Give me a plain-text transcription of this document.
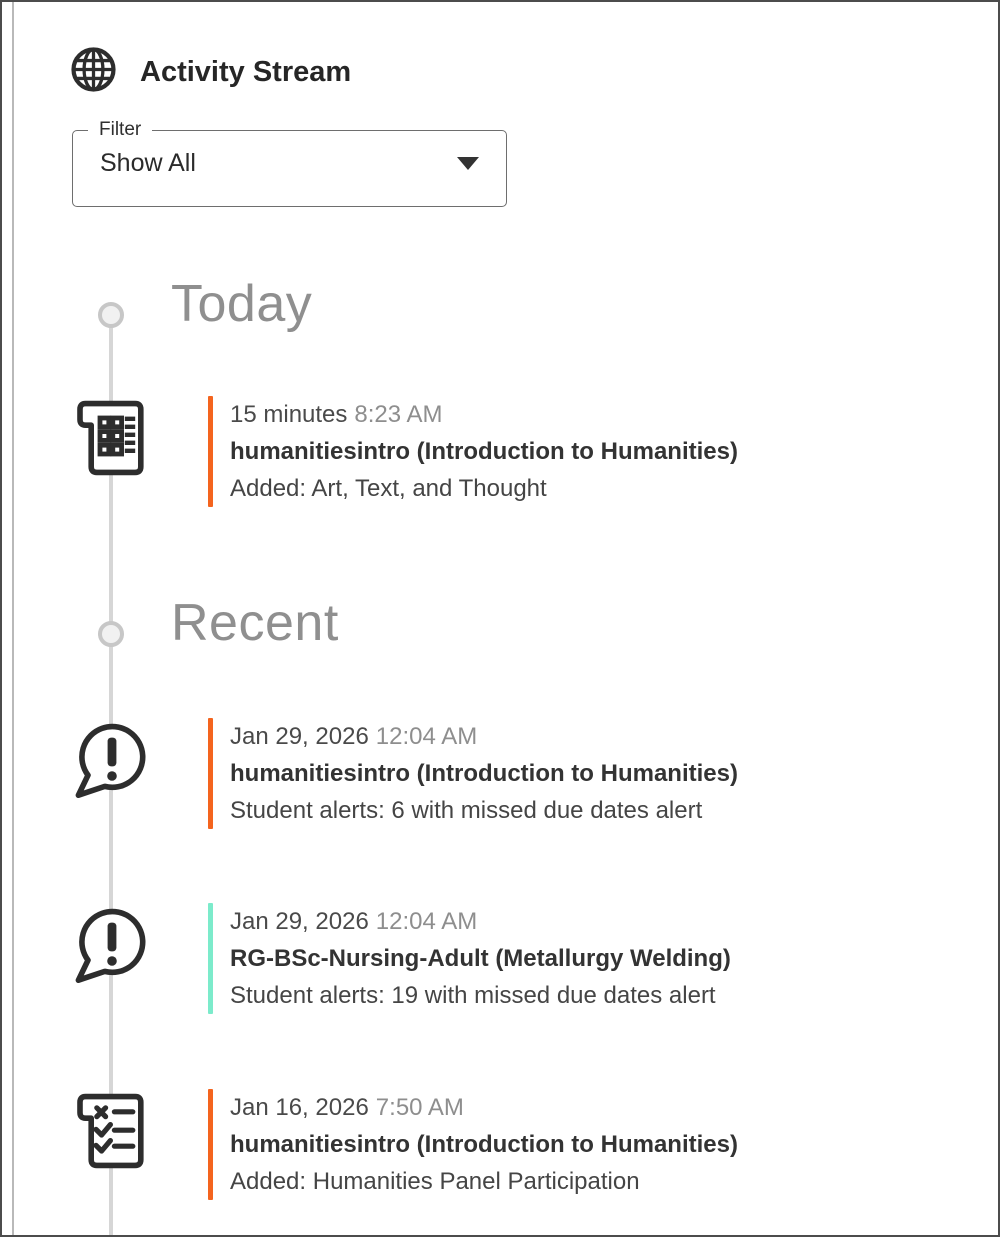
Activity Stream
Filter
Show All
Today
15 minutes 8:23 AM
humanitiesintro (Introduction to Humanities)
Added: Art, Text, and Thought
Recent
Jan 29, 2026 12:04 AM
humanitiesintro (Introduction to Humanities)
Student alerts: 6 with missed due dates alert
Jan 29, 2026 12:04 AM
RG-BSc-Nursing-Adult (Metallurgy Welding)
Student alerts: 19 with missed due dates alert
Jan 16, 2026 7:50 AM
humanitiesintro (Introduction to Humanities)
Added: Humanities Panel Participation
